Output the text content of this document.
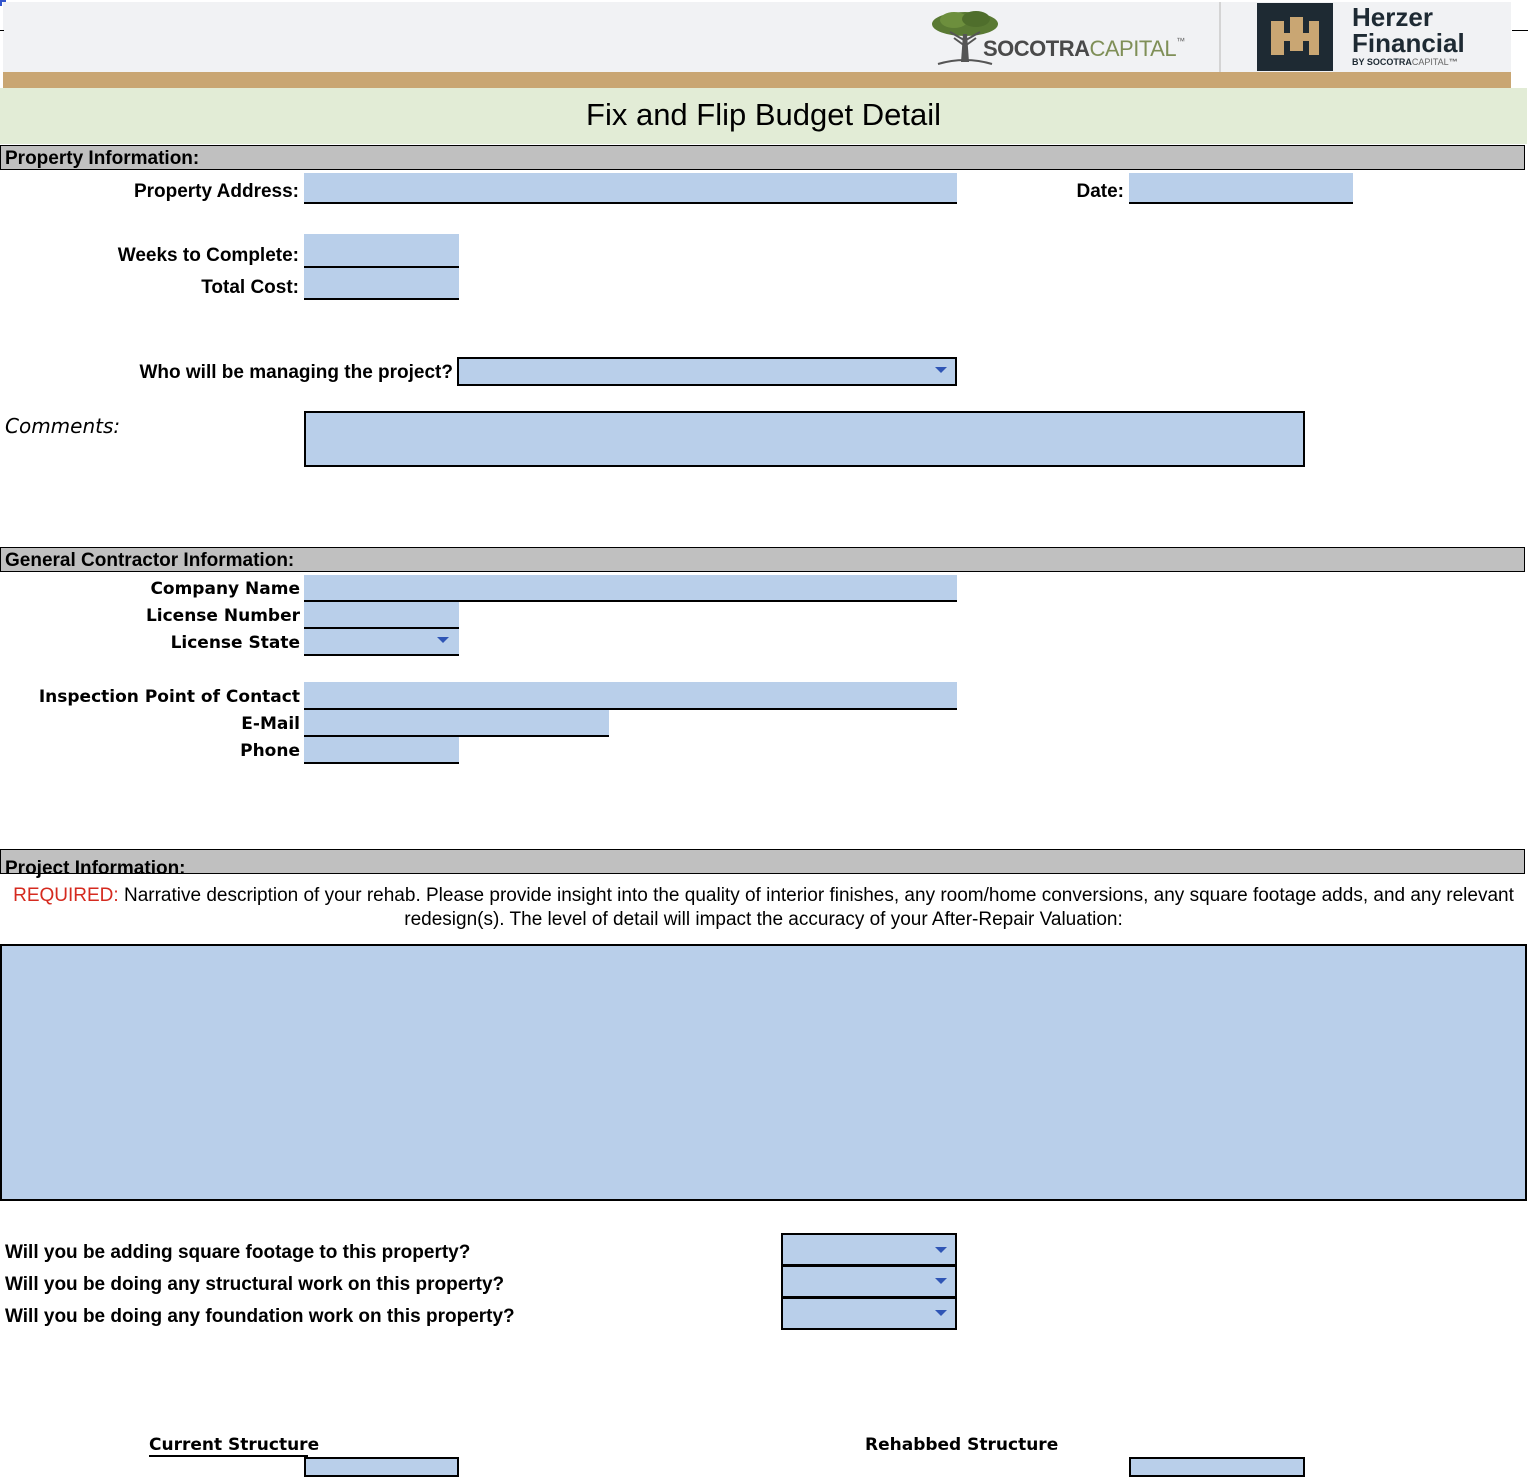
SOCOTRACAPITAL™
Herzer
Financial
BY SOCOTRACAPITAL™
Fix and Flip Budget Detail
Property Information:
Property Address:	Date:
Weeks to Complete:
Total Cost:
Who will be managing the project?
Comments:
General Contractor Information:
Company Name
License Number
License State
Inspection Point of Contact
E-Mail
Phone
Project Information:
REQUIRED: Narrative description of your rehab. Please provide insight into the quality of interior finishes, any room/home conversions, any square footage adds, and any relevant redesign(s). The level of detail will impact the accuracy of your After-Repair Valuation:
Will you be adding square footage to this property?
Will you be doing any structural work on this property?
Will you be doing any foundation work on this property?
Current Structure	Rehabbed Structure
